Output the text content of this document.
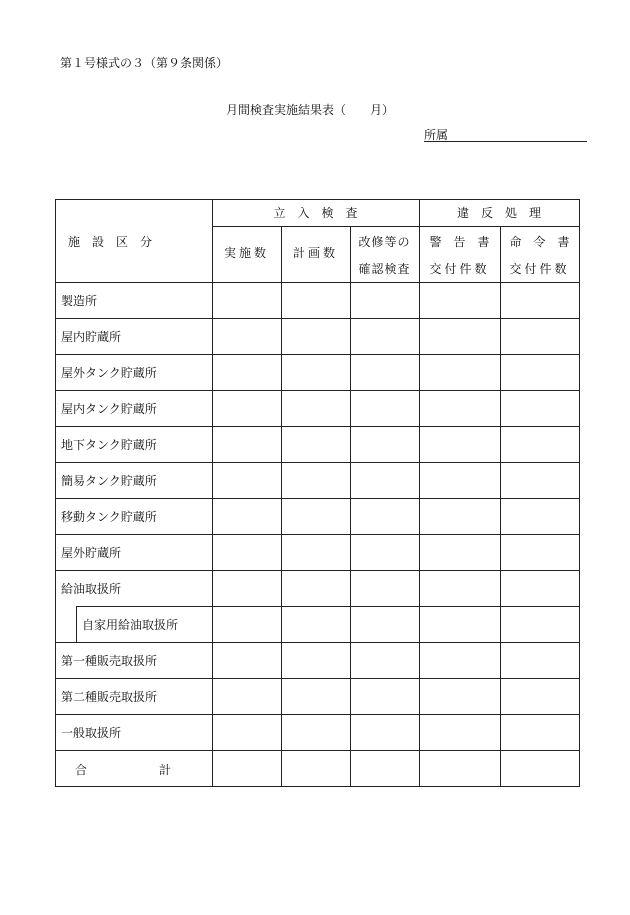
第１号様式の３（第９条関係）
月間検査実施結果表（　　月）
所属
施　設　区　分
立　入　検　査	違　反　処　理
実施数	計画数
改修等の
確認検査
警　告　書
交付件数
命　令　書
交付件数
製造所
屋内貯蔵所
屋外タンク貯蔵所
屋内タンク貯蔵所
地下タンク貯蔵所
簡易タンク貯蔵所
移動タンク貯蔵所
屋外貯蔵所
給油取扱所
自家用給油取扱所
第一種販売取扱所
第二種販売取扱所
一般取扱所
合　　　　　　計
